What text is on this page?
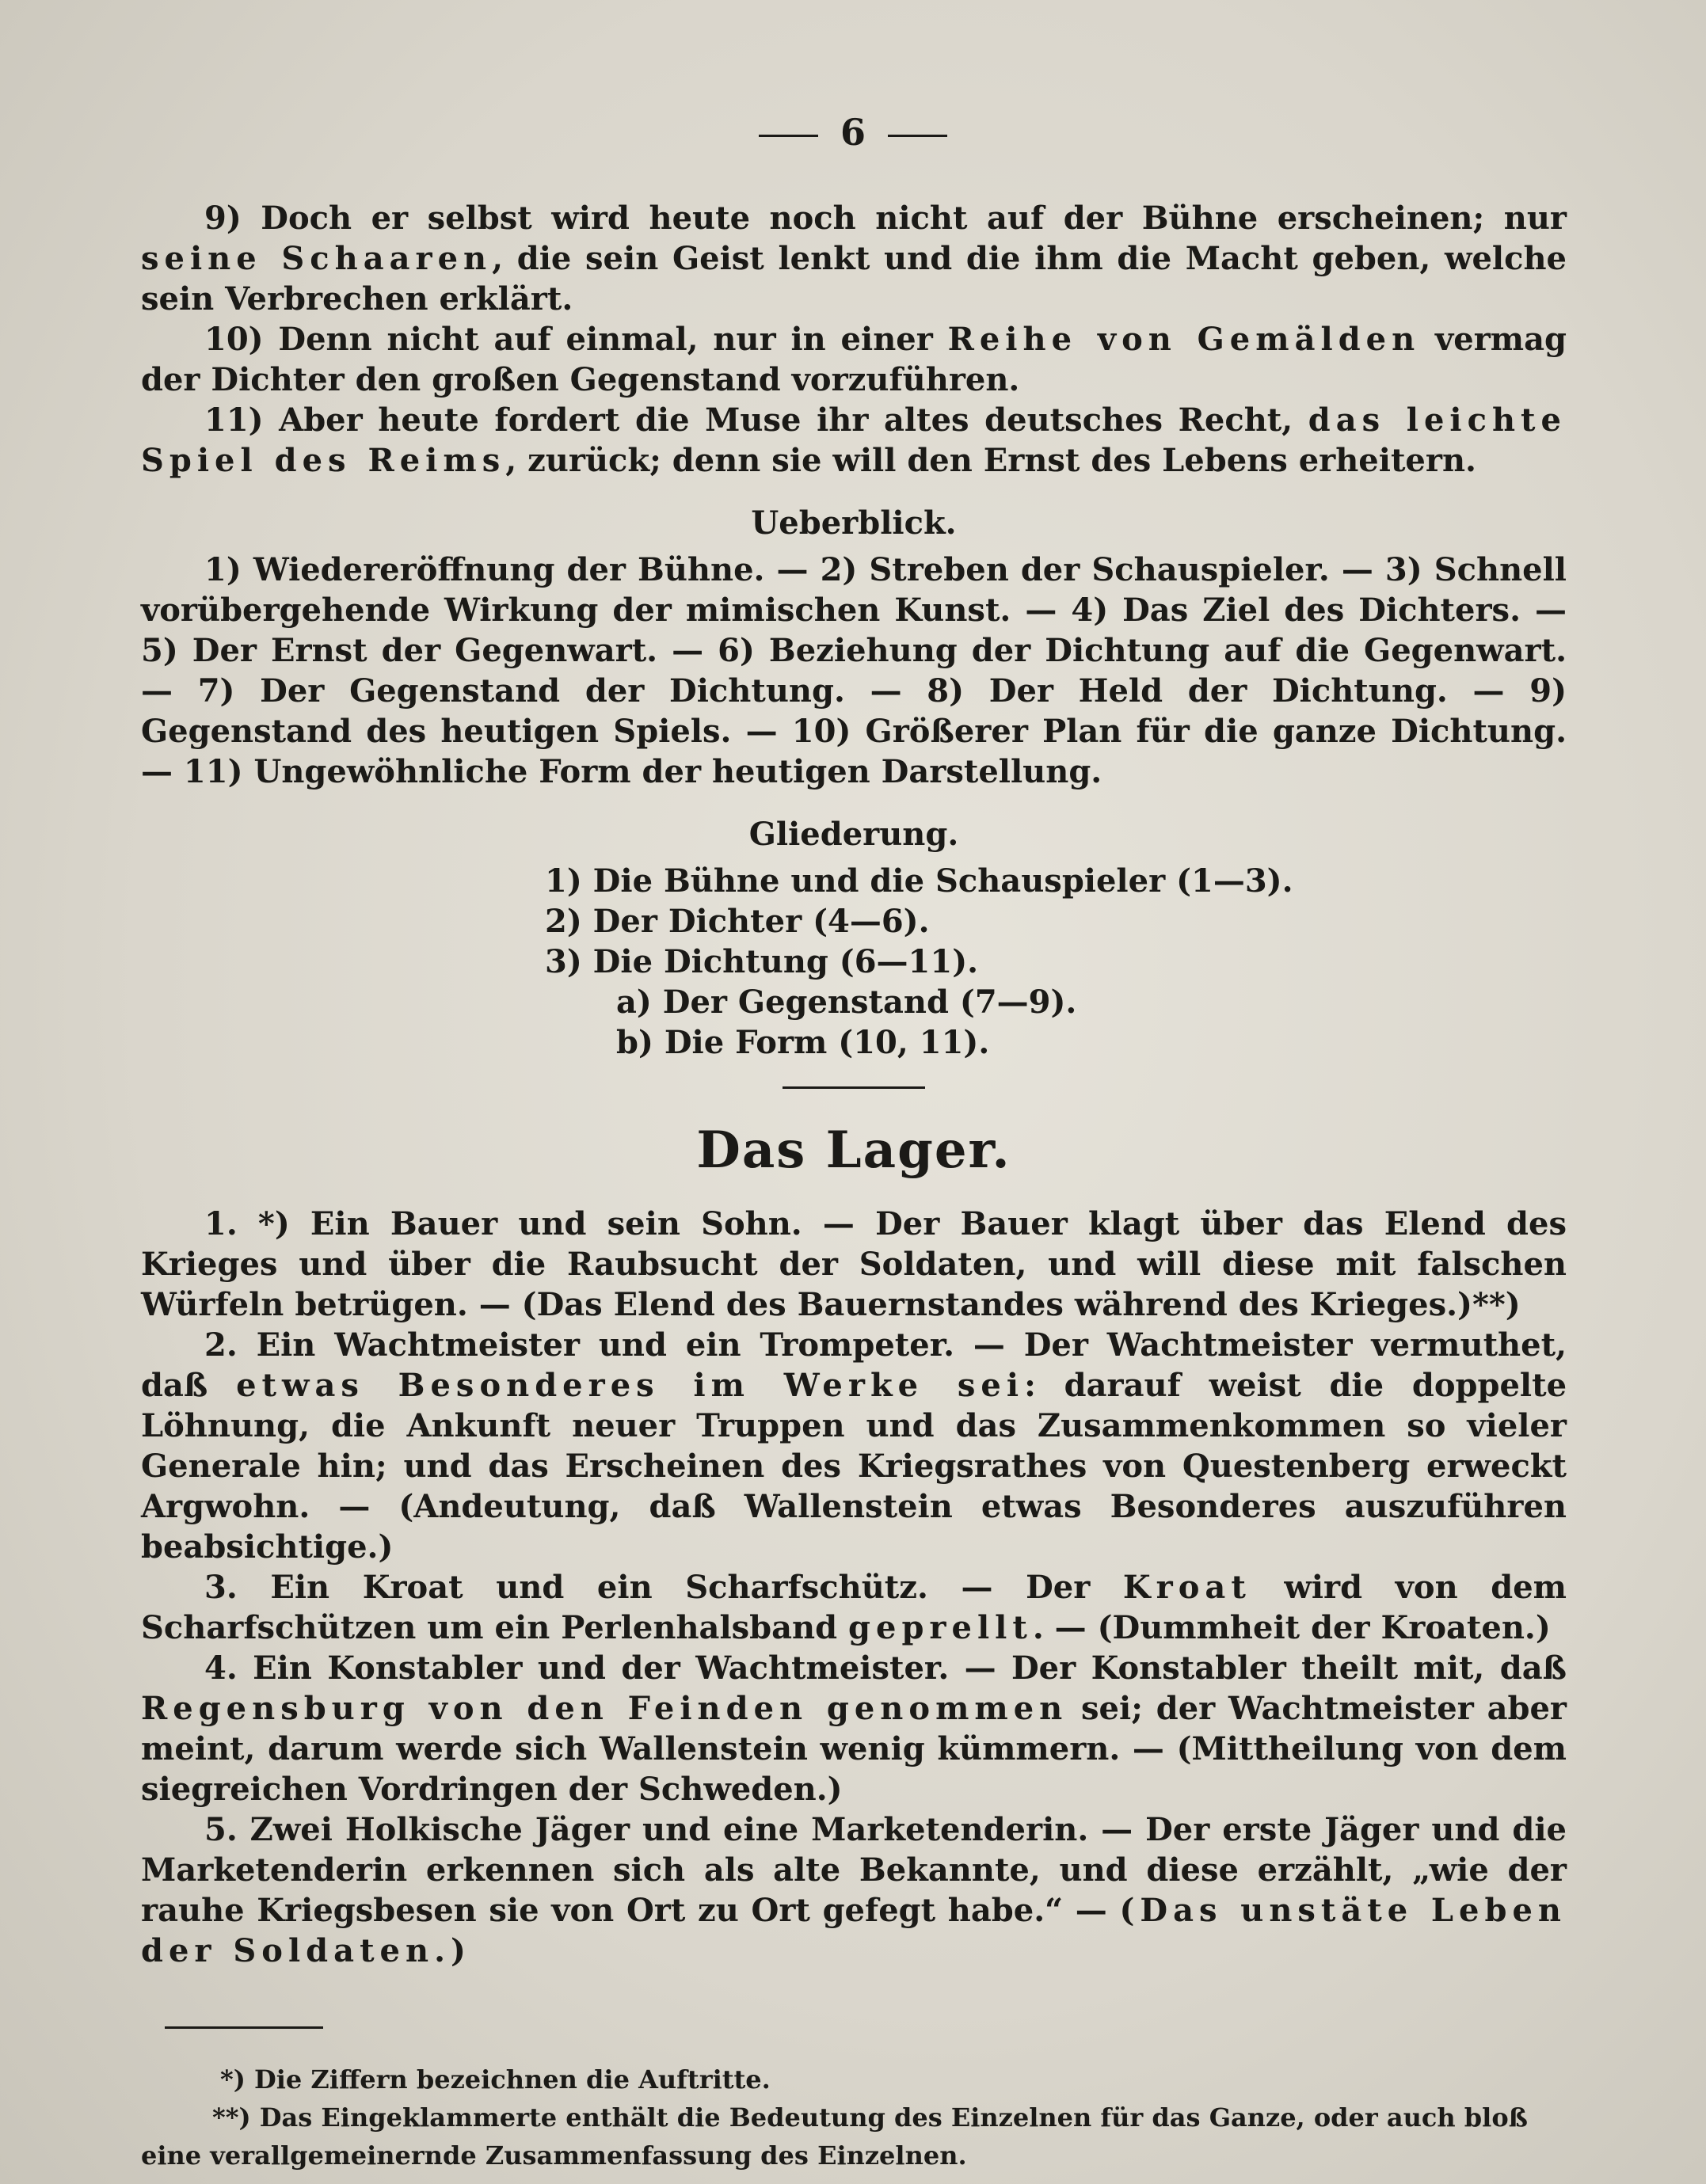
6

9) Doch er selbst wird heute noch nicht auf der Bühne erscheinen; nur seine Schaaren, die sein Geist lenkt und die ihm die Macht geben, welche sein Verbrechen erklärt.

10) Denn nicht auf einmal, nur in einer Reihe von Gemälden vermag der Dichter den großen Gegenstand vorzuführen.

11) Aber heute fordert die Muse ihr altes deutsches Recht, das leichte Spiel des Reims, zurück; denn sie will den Ernst des Lebens erheitern.

Ueberblick.

1) Wiedereröffnung der Bühne. — 2) Streben der Schauspieler. — 3) Schnell vorübergehende Wirkung der mimischen Kunst. — 4) Das Ziel des Dichters. — 5) Der Ernst der Gegenwart. — 6) Beziehung der Dichtung auf die Gegenwart. — 7) Der Gegenstand der Dichtung. — 8) Der Held der Dichtung. — 9) Gegenstand des heutigen Spiels. — 10) Größerer Plan für die ganze Dichtung. — 11) Ungewöhnliche Form der heutigen Darstellung.

Gliederung.
1) Die Bühne und die Schauspieler (1—3).
2) Der Dichter (4—6).
3) Die Dichtung (6—11).
a) Der Gegenstand (7—9).
b) Die Form (10, 11).
Das Lager.

1. *) Ein Bauer und sein Sohn. — Der Bauer klagt über das Elend des Krieges und über die Raubsucht der Soldaten, und will diese mit falschen Würfeln betrügen. — (Das Elend des Bauernstandes während des Krieges.)**)

2. Ein Wachtmeister und ein Trompeter. — Der Wachtmeister vermuthet, daß etwas Besonderes im Werke sei: darauf weist die doppelte Löhnung, die Ankunft neuer Truppen und das Zusammenkommen so vieler Generale hin; und das Erscheinen des Kriegsrathes von Questenberg erweckt Argwohn. — (Andeutung, daß Wallenstein etwas Besonderes auszuführen beabsichtige.)

3. Ein Kroat und ein Scharfschütz. — Der Kroat wird von dem Scharfschützen um ein Perlenhalsband geprellt. — (Dummheit der Kroaten.)

4. Ein Konstabler und der Wachtmeister. — Der Konstabler theilt mit, daß Regensburg von den Feinden genommen sei; der Wachtmeister aber meint, darum werde sich Wallenstein wenig kümmern. — (Mittheilung von dem siegreichen Vordringen der Schweden.)

5. Zwei Holkische Jäger und eine Marketenderin. — Der erste Jäger und die Marketenderin erkennen sich als alte Bekannte, und diese erzählt, „wie der rauhe Kriegsbesen sie von Ort zu Ort gefegt habe.“ — (Das unstäte Leben der Soldaten.)

*) Die Ziffern bezeichnen die Auftritte.
**) Das Eingeklammerte enthält die Bedeutung des Einzelnen für das Ganze, oder auch bloß eine verallgemeinernde Zusammenfassung des Einzelnen.
